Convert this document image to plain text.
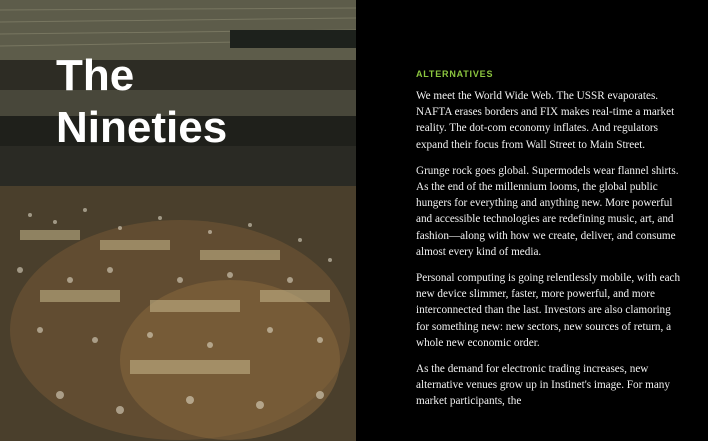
The
Nineties

ALTERNATIVES

We meet the World Wide Web. The USSR evaporates. NAFTA erases borders and FIX makes real-time a market reality. The dot-com economy inflates. And regulators expand their focus from Wall Street to Main Street.

Grunge rock goes global. Supermodels wear flannel shirts. As the end of the millennium looms, the global public hungers for everything and anything new. More powerful and accessible technologies are redefining music, art, and fashion—along with how we create, deliver, and consume almost every kind of media.

Personal computing is going relentlessly mobile, with each new device slimmer, faster, more powerful, and more interconnected than the last. Investors are also clamoring for something new: new sectors, new sources of return, a whole new economic order.

As the demand for electronic trading increases, new alternative venues grow up in Instinet's image. For many market participants, the
